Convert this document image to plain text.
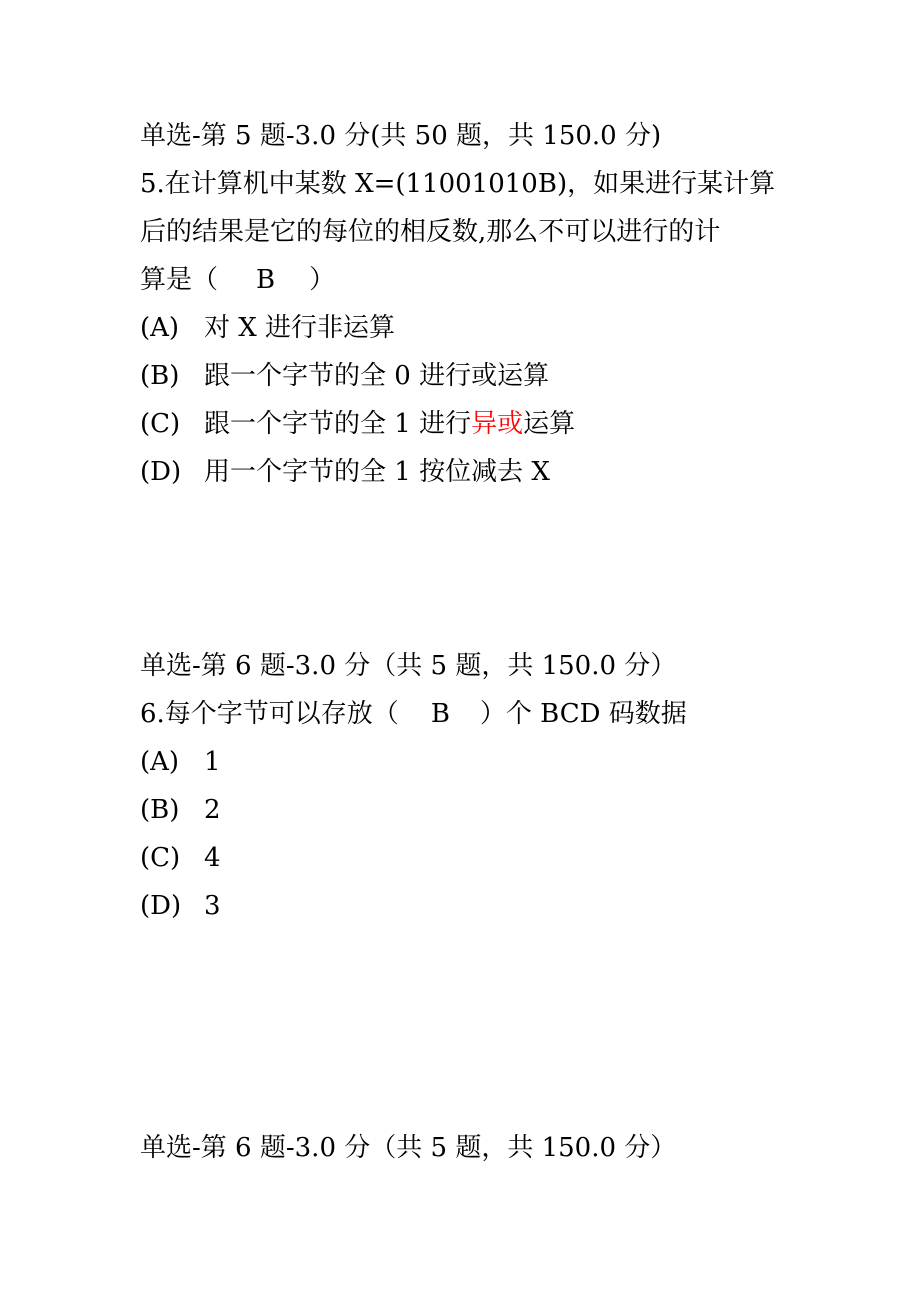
单选-第 5 题-3.0 分(共 50 题，共 150.0 分)
5.在计算机中某数 X=(11001010B)，如果进行某计算
后的结果是它的每位的相反数,那么不可以进行的计
算是（ B ）
(A) 对 X 进行非运算
(B) 跟一个字节的全 0 进行或运算
(C) 跟一个字节的全 1 进行异或运算
(D) 用一个字节的全 1 按位减去 X
单选-第 6 题-3.0 分（共 5 题，共 150.0 分）
6.每个字节可以存放（ B ）个 BCD 码数据
(A) 1
(B) 2
(C) 4
(D) 3
单选-第 6 题-3.0 分（共 5 题，共 150.0 分）
